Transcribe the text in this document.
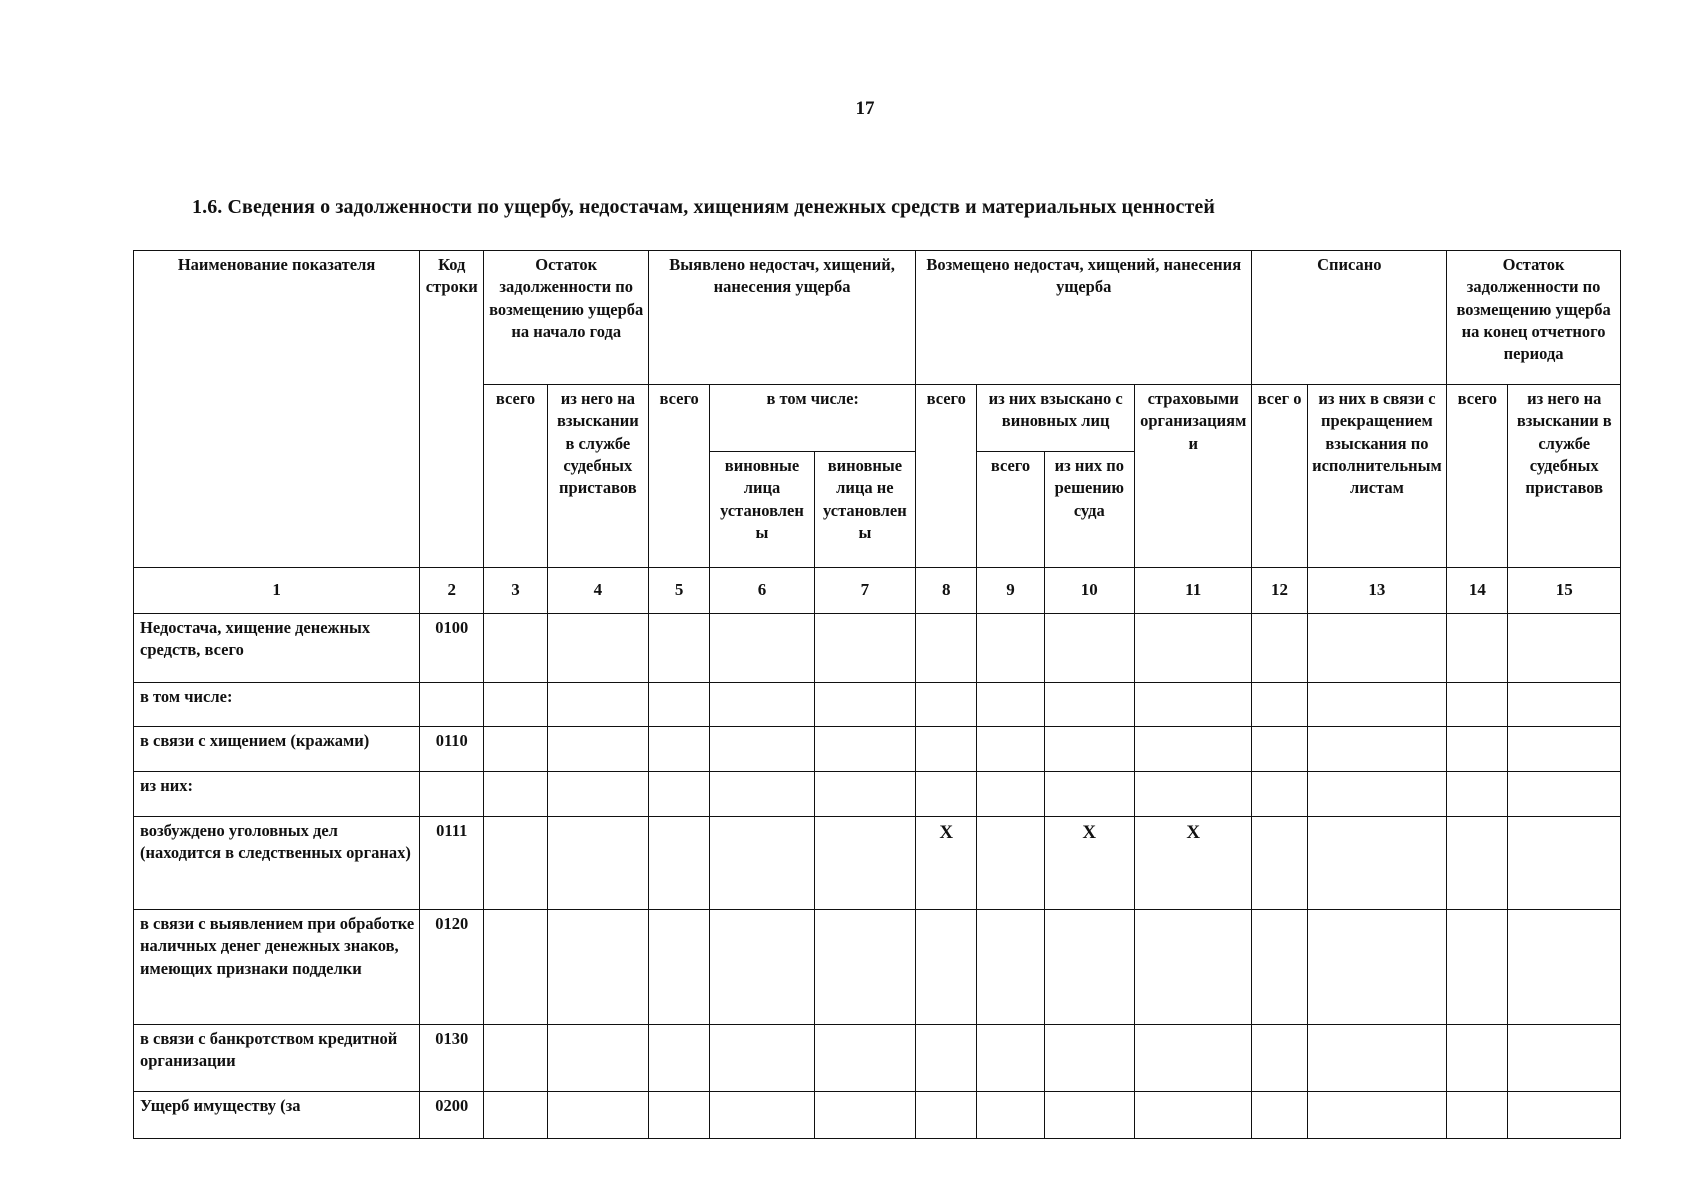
17
1.6. Сведения о задолженности по ущербу, недостачам, хищениям денежных средств и материальных ценностей
Наименование показателя	Код строки	Остаток задолженности по возмещению ущерба на начало года		Выявлено недостач, хищений, нанесения ущерба			Возмещено недостач, хищений, нанесения ущерба				Списано		Остаток задолженности по возмещению ущерба на конец отчетного периода	
		всего	из него на взыскании в службе судебных приставов	всего	в том числе:		всего	из них взыскано с виновных лиц		страховыми организациями	всег о	из них в связи с прекращением взыскания по исполнительным листам	всего	из него на взыскании в службе судебных приставов
					виновные лица установлены	виновные лица не установлены		всего	из них по решению суда					
1	2	3	4	5	6	7	8	9	10	11	12	13	14	15
Недостача, хищение денежных средств, всего	0100													
в том числе:														
в связи с хищением (кражами)	0110													
из них:														
возбуждено уголовных дел (находится в следственных органах)	0111						X		X	X				
в связи с выявлением при обработке наличных денег денежных знаков, имеющих признаки подделки	0120													
в связи с банкротством кредитной организации	0130													
Ущерб имуществу (за	0200													
